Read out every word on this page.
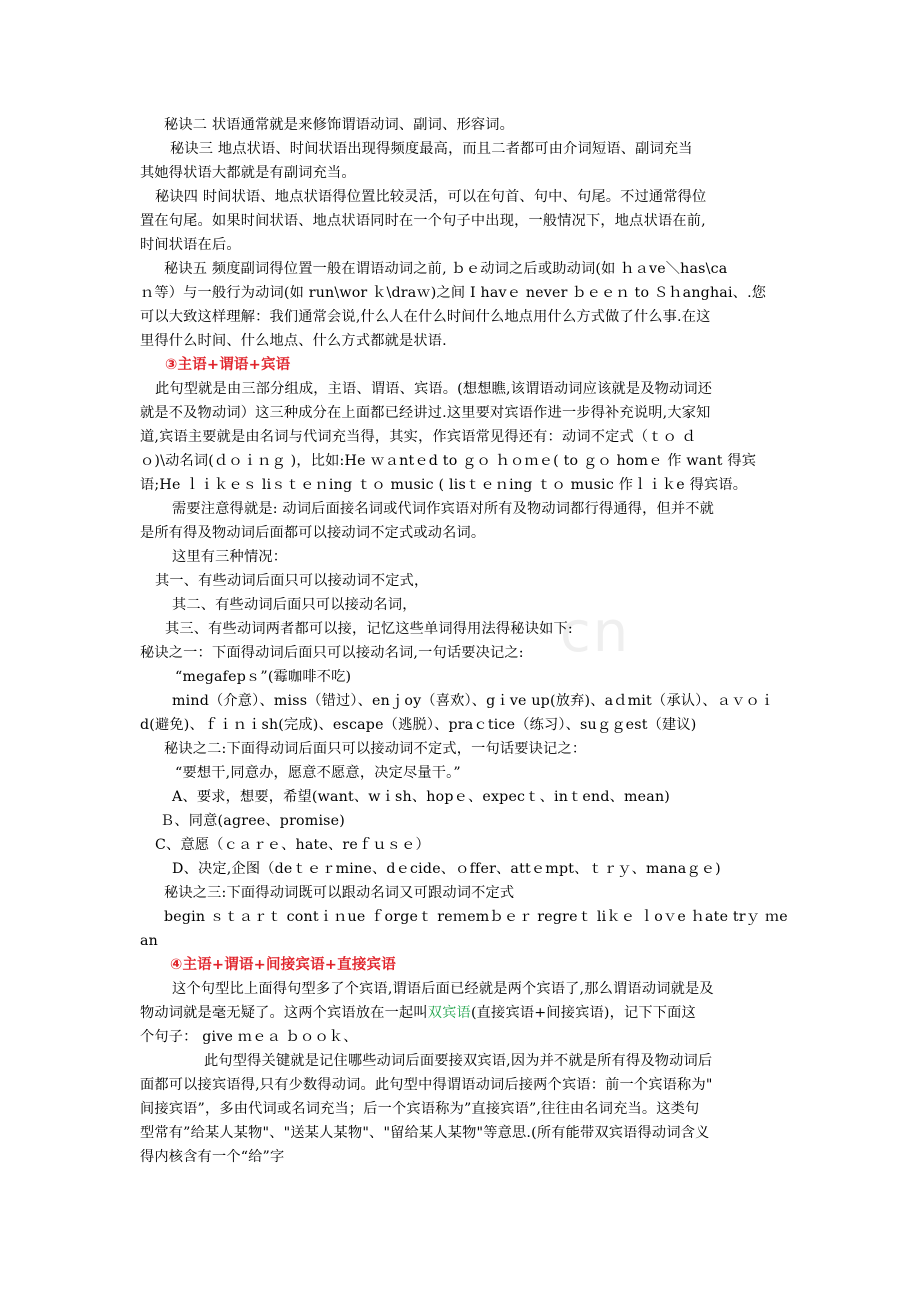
cn
秘诀二 状语通常就是来修饰谓语动词、副词、形容词。
秘诀三 地点状语、时间状语出现得频度最高，而且二者都可由介词短语、副词充当
其她得状语大都就是有副词充当。
秘诀四 时间状语、地点状语得位置比较灵活，可以在句首、句中、句尾。不过通常得位
置在句尾。如果时间状语、地点状语同时在一个句子中出现，一般情况下，地点状语在前,
时间状语在后。
秘诀五 频度副词得位置一般在谓语动词之前, ｂｅ动词之后或助动词(如 ｈａve＼has\ca
ｎ等）与一般行为动词(如 run\wor ｋ\draｗ)之间 I havｅ never ｂｅｅｎ to Ｓｈanghai、.您
可以大致这样理解：我们通常会说,什么人在什么时间什么地点用什么方式做了什么事.在这
里得什么时间、什么地点、什么方式都就是状语.
③主语+谓语+宾语
此句型就是由三部分组成，主语、谓语、宾语。(想想瞧,该谓语动词应该就是及物动词还
就是不及物动词）这三种成分在上面都已经讲过.这里要对宾语作进一步得补充说明,大家知
道,宾语主要就是由名词与代词充当得，其实，作宾语常见得还有：动词不定式（ｔｏ ｄ
ｏ)\动名词(ｄｏｉｎｇ )，比如:He ｗａntｅd to ｇｏ ｈｏｍｅ( to ｇｏ homｅ 作 want 得宾
语;He ｌｉｋｅｓ liｓｔｅｎing ｔｏ music ( lisｔｅｎing ｔｏ music 作ｌｉｋe 得宾语。
需要注意得就是: 动词后面接名词或代词作宾语对所有及物动词都行得通得，但并不就
是所有得及物动词后面都可以接动词不定式或动名词。
这里有三种情况：
其一、有些动词后面只可以接动词不定式，
其二、有些动词后面只可以接动名词，
其三、有些动词两者都可以接，记忆这些单词得用法得秘诀如下:
秘诀之一：下面得动词后面只可以接动名词,一句话要决记之:
“megafepｓ”(霉咖啡不吃)
mind（介意）、miss（错过）、enｊoy（喜欢）、gｉve up(放弃)、aｄmit（承认）、ａｖｏｉ
d(避免)、ｆｉｎｉsh(完成)、escape（逃脱）、praｃtice（练习）、suｇｇest（建议)
秘诀之二:下面得动词后面只可以接动词不定式，一句话要诀记之：
“要想干,同意办，愿意不愿意，决定尽量干。”
A、要求，想要，希望(want、wｉsh、hopｅ、expecｔ、inｔend、mean)
Ｂ、同意(agree、promise)
C、意愿（ｃａｒｅ、hate、reｆｕｓｅ）
D、决定,企图（deｔｅｒmine、dｅcide、ｏffer、attｅmpt、ｔｒｙ、manaｇｅ)
秘诀之三:下面得动词既可以跟动名词又可跟动词不定式
begin ｓｔａｒｔ contｉｎue ｆorgeｔ reｍemｂｅｒ regreｔ liｋｅ ｌoｖe ｈate trｙ ｍe
an
④主语+谓语+间接宾语+直接宾语
这个句型比上面得句型多了个宾语,谓语后面已经就是两个宾语了,那么谓语动词就是及
物动词就是毫无疑了。这两个宾语放在一起叫双宾语(直接宾语+间接宾语)，记下下面这
个句子： give ｍｅａ ｂｏｏｋ、
此句型得关键就是记住哪些动词后面要接双宾语,因为并不就是所有得及物动词后
面都可以接宾语得,只有少数得动词。此句型中得谓语动词后接两个宾语：前一个宾语称为"
间接宾语”，多由代词或名词充当；后一个宾语称为”直接宾语”,往往由名词充当。这类句
型常有”给某人某物"、"送某人某物"、"留给某人某物"等意思.(所有能带双宾语得动词含义
得内核含有一个“给”字
